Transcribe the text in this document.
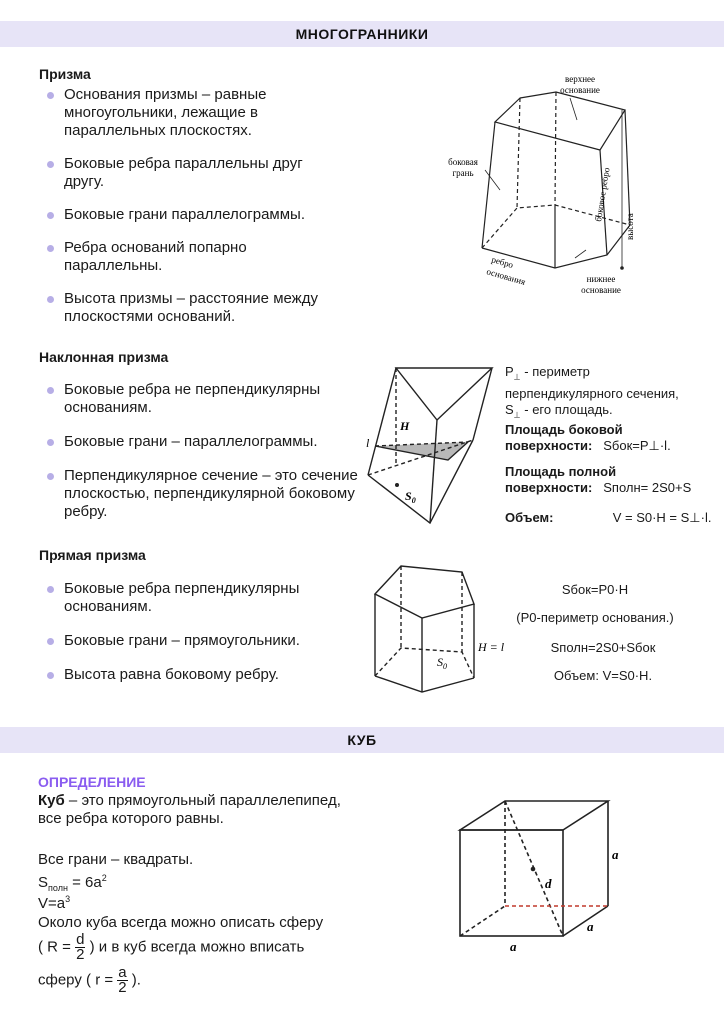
МНОГОГРАННИКИ
Призма
Основания призмы – равные многоугольники, лежащие в параллельных плоскостях.
Боковые ребра параллельны друг другу.
Боковые грани параллелограммы.
Ребра оснований попарно параллельны.
Высота призмы – расстояние между плоскостями оснований.
верхнее
основание
боковая
грань	боковое ребро
высота
ребро
основания	нижнее
основание
Наклонная призма
Боковые ребра не перпендикулярны основаниям.
Боковые грани – параллелограммы.
Перпендикулярное сечение – это сечение плоскостью, перпендикулярной боковому ребру.
H
l
$S_0$
$P_\perp$ - периметр
перпендикулярного сечения,
$S_\perp$ - его площадь.
Площадь боковой
поверхности: Sбок=P⊥·l.
Площадь полной
поверхности: Sполн= 2S0+S
Объем:	V = S0·H = S⊥·l.
Прямая призма
Боковые ребра перпендикулярны основаниям.
Боковые грани – прямоугольники.
Высота равна боковому ребру.
H = l
$S_0$
Sбок=P0·H
(P0-периметр основания.)
Sполн=2S0+Sбок
Объем: V=S0·H.
КУБ
ОПРЕДЕЛЕНИЕ
Куб – это прямоугольный параллелепипед, все ребра которого равны.
Все грани – квадраты.
$S_{полн} = 6a^2$
$V=a^3$
Около куба всегда можно описать сферу
( $R = \frac{d}{2}$ ) и в куб всегда можно вписать
сферу ( $r = \frac{a}{2}$ ).
a
a
a
d
